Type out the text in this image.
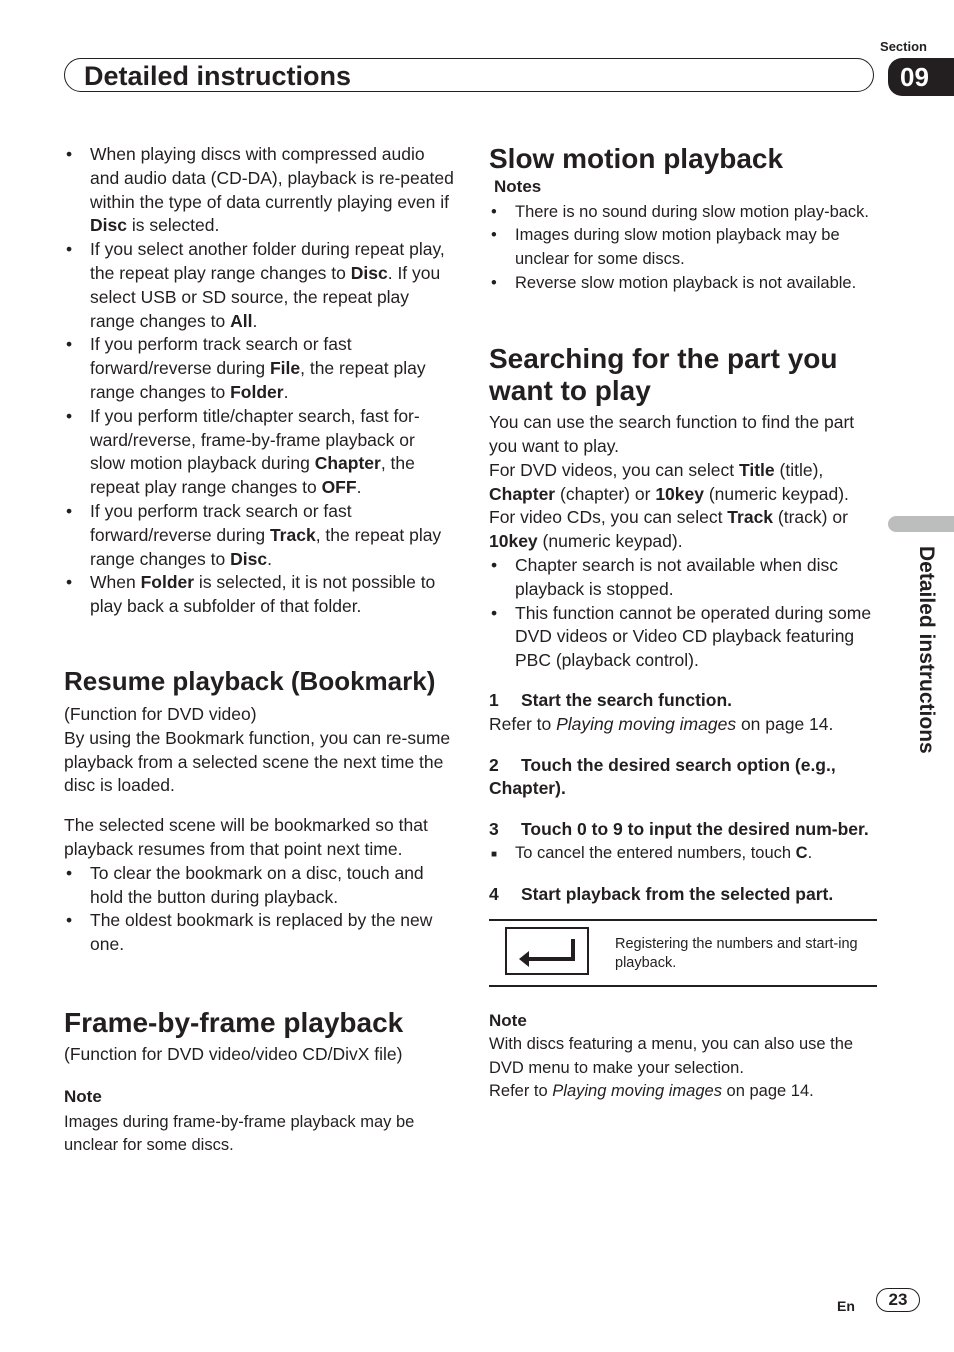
Section
Detailed instructions	09
Detailed instructions
• When playing discs with compressed audio and audio data (CD-DA), playback is re-peated within the type of data currently playing even if Disc is selected.
• If you select another folder during repeat play, the repeat play range changes to Disc. If you select USB or SD source, the repeat play range changes to All.
• If you perform track search or fast forward/reverse during File, the repeat play range changes to Folder.
• If you perform title/chapter search, fast for-ward/reverse, frame-by-frame playback or slow motion playback during Chapter, the repeat play range changes to OFF.
• If you perform track search or fast forward/reverse during Track, the repeat play range changes to Disc.
• When Folder is selected, it is not possible to play back a subfolder of that folder.
Resume playback (Bookmark)

(Function for DVD video)

By using the Bookmark function, you can re-sume playback from a selected scene the next time the disc is loaded.

The selected scene will be bookmarked so that playback resumes from that point next time.

• To clear the bookmark on a disc, touch and hold the button during playback.
• The oldest bookmark is replaced by the new one.
Frame-by-frame playback

(Function for DVD video/video CD/DivX file)

Note

Images during frame-by-frame playback may be unclear for some discs.

Slow motion playback

Notes

• There is no sound during slow motion play-back.
• Images during slow motion playback may be unclear for some discs.
• Reverse slow motion playback is not available.
Searching for the part you want to play

You can use the search function to find the part you want to play.

For DVD videos, you can select Title (title), Chapter (chapter) or 10key (numeric keypad).

For video CDs, you can select Track (track) or 10key (numeric keypad).

• Chapter search is not available when disc playback is stopped.
• This function cannot be operated during some DVD videos or Video CD playback featuring PBC (playback control).

1 Start the search function.

Refer to Playing moving images on page 14.

2 Touch the desired search option (e.g., Chapter).

3 Touch 0 to 9 to input the desired num-ber.

■ To cancel the entered numbers, touch C.

4 Start playback from the selected part.

Registering the numbers and start-ing playback.

Note

With discs featuring a menu, you can also use the DVD menu to make your selection.

Refer to Playing moving images on page 14.

En	23
